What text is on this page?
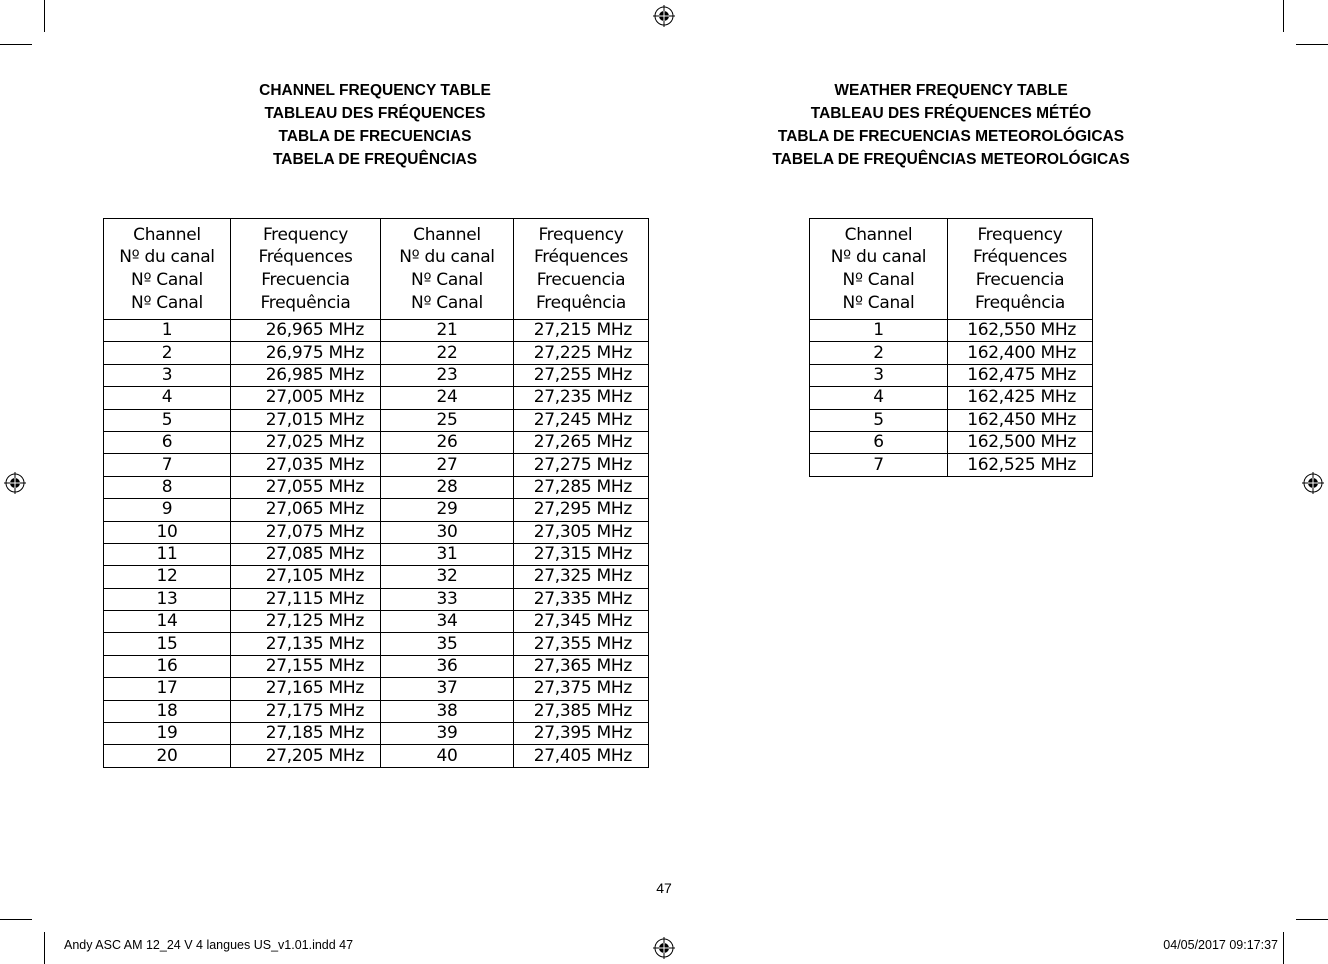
CHANNEL FREQUENCY TABLE
TABLEAU DES FRÉQUENCES
TABLA DE FRECUENCIAS
TABELA DE FREQUÊNCIAS
WEATHER FREQUENCY TABLE
TABLEAU DES FRÉQUENCES MÉTÉO
TABLA DE FRECUENCIAS METEOROLÓGICAS
TABELA DE FREQUÊNCIAS METEOROLÓGICAS
Channel
Nº du canal
Nº Canal
Nº Canal	Frequency
Fréquences
Frecuencia
Frequência	Channel
Nº du canal
Nº Canal
Nº Canal	Frequency
Fréquences
Frecuencia
Frequência

1	26,965 MHz	21	27,215 MHz
2	26,975 MHz	22	27,225 MHz
3	26,985 MHz	23	27,255 MHz
4	27,005 MHz	24	27,235 MHz
5	27,015 MHz	25	27,245 MHz
6	27,025 MHz	26	27,265 MHz
7	27,035 MHz	27	27,275 MHz
8	27,055 MHz	28	27,285 MHz
9	27,065 MHz	29	27,295 MHz
10	27,075 MHz	30	27,305 MHz
11	27,085 MHz	31	27,315 MHz
12	27,105 MHz	32	27,325 MHz
13	27,115 MHz	33	27,335 MHz
14	27,125 MHz	34	27,345 MHz
15	27,135 MHz	35	27,355 MHz
16	27,155 MHz	36	27,365 MHz
17	27,165 MHz	37	27,375 MHz
18	27,175 MHz	38	27,385 MHz
19	27,185 MHz	39	27,395 MHz
20	27,205 MHz	40	27,405 MHz
Channel
Nº du canal
Nº Canal
Nº Canal	Frequency
Fréquences
Frecuencia
Frequência

1	162,550 MHz
2	162,400 MHz
3	162,475 MHz
4	162,425 MHz
5	162,450 MHz
6	162,500 MHz
7	162,525 MHz
47
Andy ASC AM 12_24 V 4 langues US_v1.01.indd 47	04/05/2017 09:17:37
